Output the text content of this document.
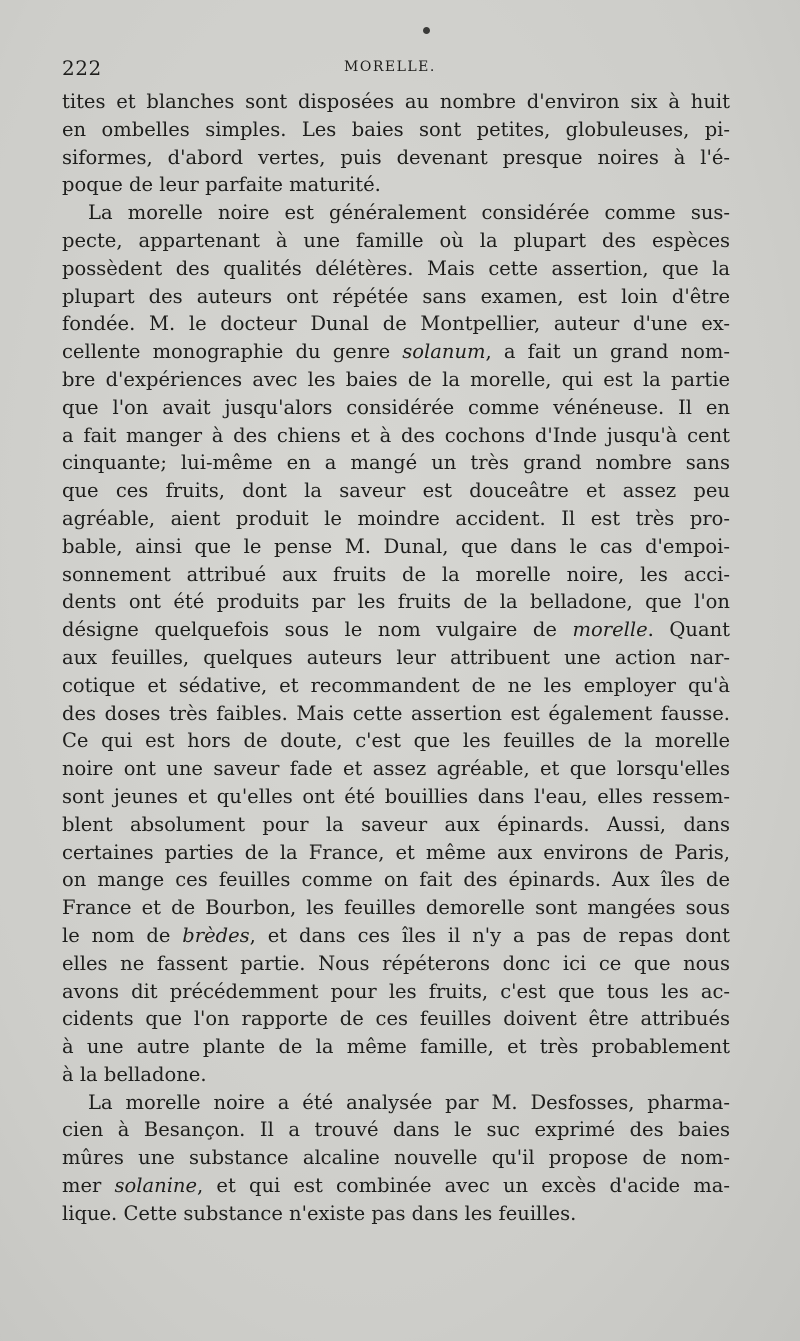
222	MORELLE.
tites et blanches sont disposées au nombre d'environ six à huit
en ombelles simples. Les baies sont petites, globuleuses, pi-
siformes, d'abord vertes, puis devenant presque noires à l'é-
poque de leur parfaite maturité.
La morelle noire est généralement considérée comme sus-
pecte, appartenant à une famille où la plupart des espèces
possèdent des qualités délétères. Mais cette assertion, que la
plupart des auteurs ont répétée sans examen, est loin d'être
fondée. M. le docteur Dunal de Montpellier, auteur d'une ex-
cellente monographie du genre solanum, a fait un grand nom-
bre d'expériences avec les baies de la morelle, qui est la partie
que l'on avait jusqu'alors considérée comme vénéneuse. Il en
a fait manger à des chiens et à des cochons d'Inde jusqu'à cent
cinquante; lui-même en a mangé un très grand nombre sans
que ces fruits, dont la saveur est douceâtre et assez peu
agréable, aient produit le moindre accident. Il est très pro-
bable, ainsi que le pense M. Dunal, que dans le cas d'empoi-
sonnement attribué aux fruits de la morelle noire, les acci-
dents ont été produits par les fruits de la belladone, que l'on
désigne quelquefois sous le nom vulgaire de morelle. Quant
aux feuilles, quelques auteurs leur attribuent une action nar-
cotique et sédative, et recommandent de ne les employer qu'à
des doses très faibles. Mais cette assertion est également fausse.
Ce qui est hors de doute, c'est que les feuilles de la morelle
noire ont une saveur fade et assez agréable, et que lorsqu'elles
sont jeunes et qu'elles ont été bouillies dans l'eau, elles ressem-
blent absolument pour la saveur aux épinards. Aussi, dans
certaines parties de la France, et même aux environs de Paris,
on mange ces feuilles comme on fait des épinards. Aux îles de
France et de Bourbon, les feuilles demorelle sont mangées sous
le nom de brèdes, et dans ces îles il n'y a pas de repas dont
elles ne fassent partie. Nous répéterons donc ici ce que nous
avons dit précédemment pour les fruits, c'est que tous les ac-
cidents que l'on rapporte de ces feuilles doivent être attribués
à une autre plante de la même famille, et très probablement
à la belladone.
La morelle noire a été analysée par M. Desfosses, pharma-
cien à Besançon. Il a trouvé dans le suc exprimé des baies
mûres une substance alcaline nouvelle qu'il propose de nom-
mer solanine, et qui est combinée avec un excès d'acide ma-
lique. Cette substance n'existe pas dans les feuilles.
